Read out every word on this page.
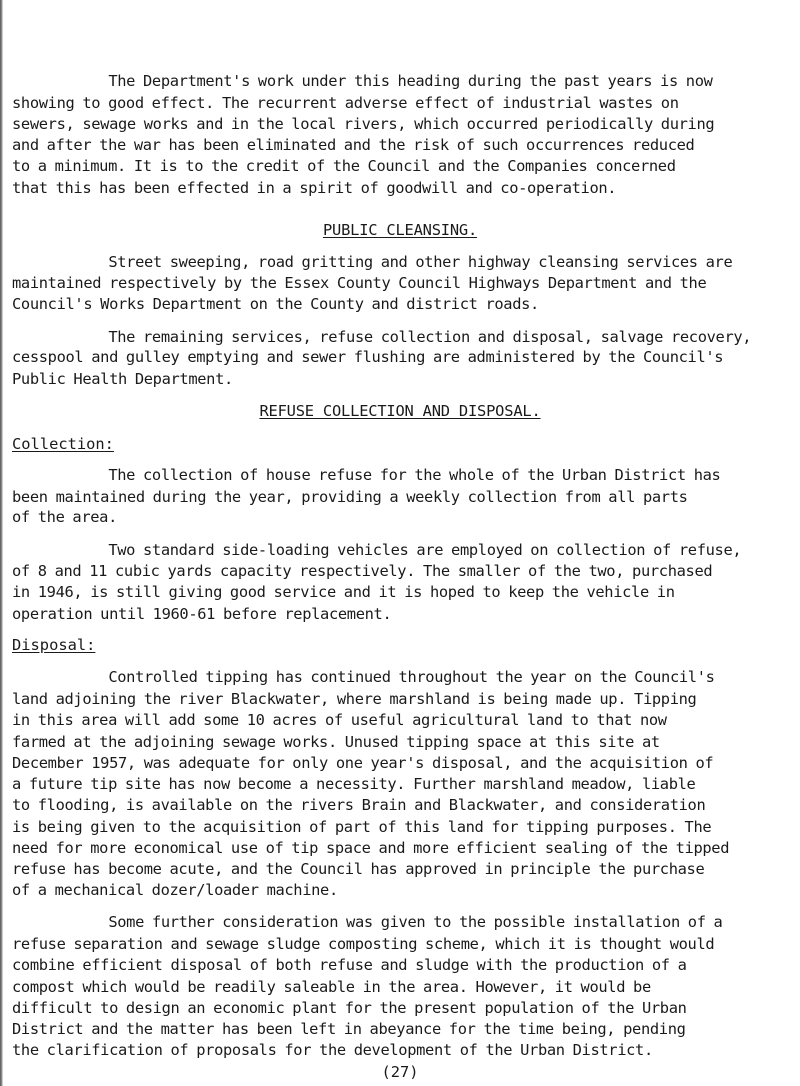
The Department's work under this heading during the past years is now
showing to good effect. The recurrent adverse effect of industrial wastes on
sewers, sewage works and in the local rivers, which occurred periodically during
and after the war has been eliminated and the risk of such occurrences reduced
to a minimum. It is to the credit of the Council and the Companies concerned
that this has been effected in a spirit of goodwill and co-operation.
PUBLIC CLEANSING.
Street sweeping, road gritting and other highway cleansing services are
maintained respectively by the Essex County Council Highways Department and the
Council's Works Department on the County and district roads.
The remaining services, refuse collection and disposal, salvage recovery,
cesspool and gulley emptying and sewer flushing are administered by the Council's
Public Health Department.
REFUSE COLLECTION AND DISPOSAL.
Collection:
The collection of house refuse for the whole of the Urban District has
been maintained during the year, providing a weekly collection from all parts
of the area.
Two standard side-loading vehicles are employed on collection of refuse,
of 8 and 11 cubic yards capacity respectively. The smaller of the two, purchased
in 1946, is still giving good service and it is hoped to keep the vehicle in
operation until 1960-61 before replacement.
Disposal:
Controlled tipping has continued throughout the year on the Council's
land adjoining the river Blackwater, where marshland is being made up. Tipping
in this area will add some 10 acres of useful agricultural land to that now
farmed at the adjoining sewage works. Unused tipping space at this site at
December 1957, was adequate for only one year's disposal, and the acquisition of
a future tip site has now become a necessity. Further marshland meadow, liable
to flooding, is available on the rivers Brain and Blackwater, and consideration
is being given to the acquisition of part of this land for tipping purposes. The
need for more economical use of tip space and more efficient sealing of the tipped
refuse has become acute, and the Council has approved in principle the purchase
of a mechanical dozer/loader machine.
Some further consideration was given to the possible installation of a
refuse separation and sewage sludge composting scheme, which it is thought would
combine efficient disposal of both refuse and sludge with the production of a
compost which would be readily saleable in the area. However, it would be
difficult to design an economic plant for the present population of the Urban
District and the matter has been left in abeyance for the time being, pending
the clarification of proposals for the development of the Urban District.
(27)
